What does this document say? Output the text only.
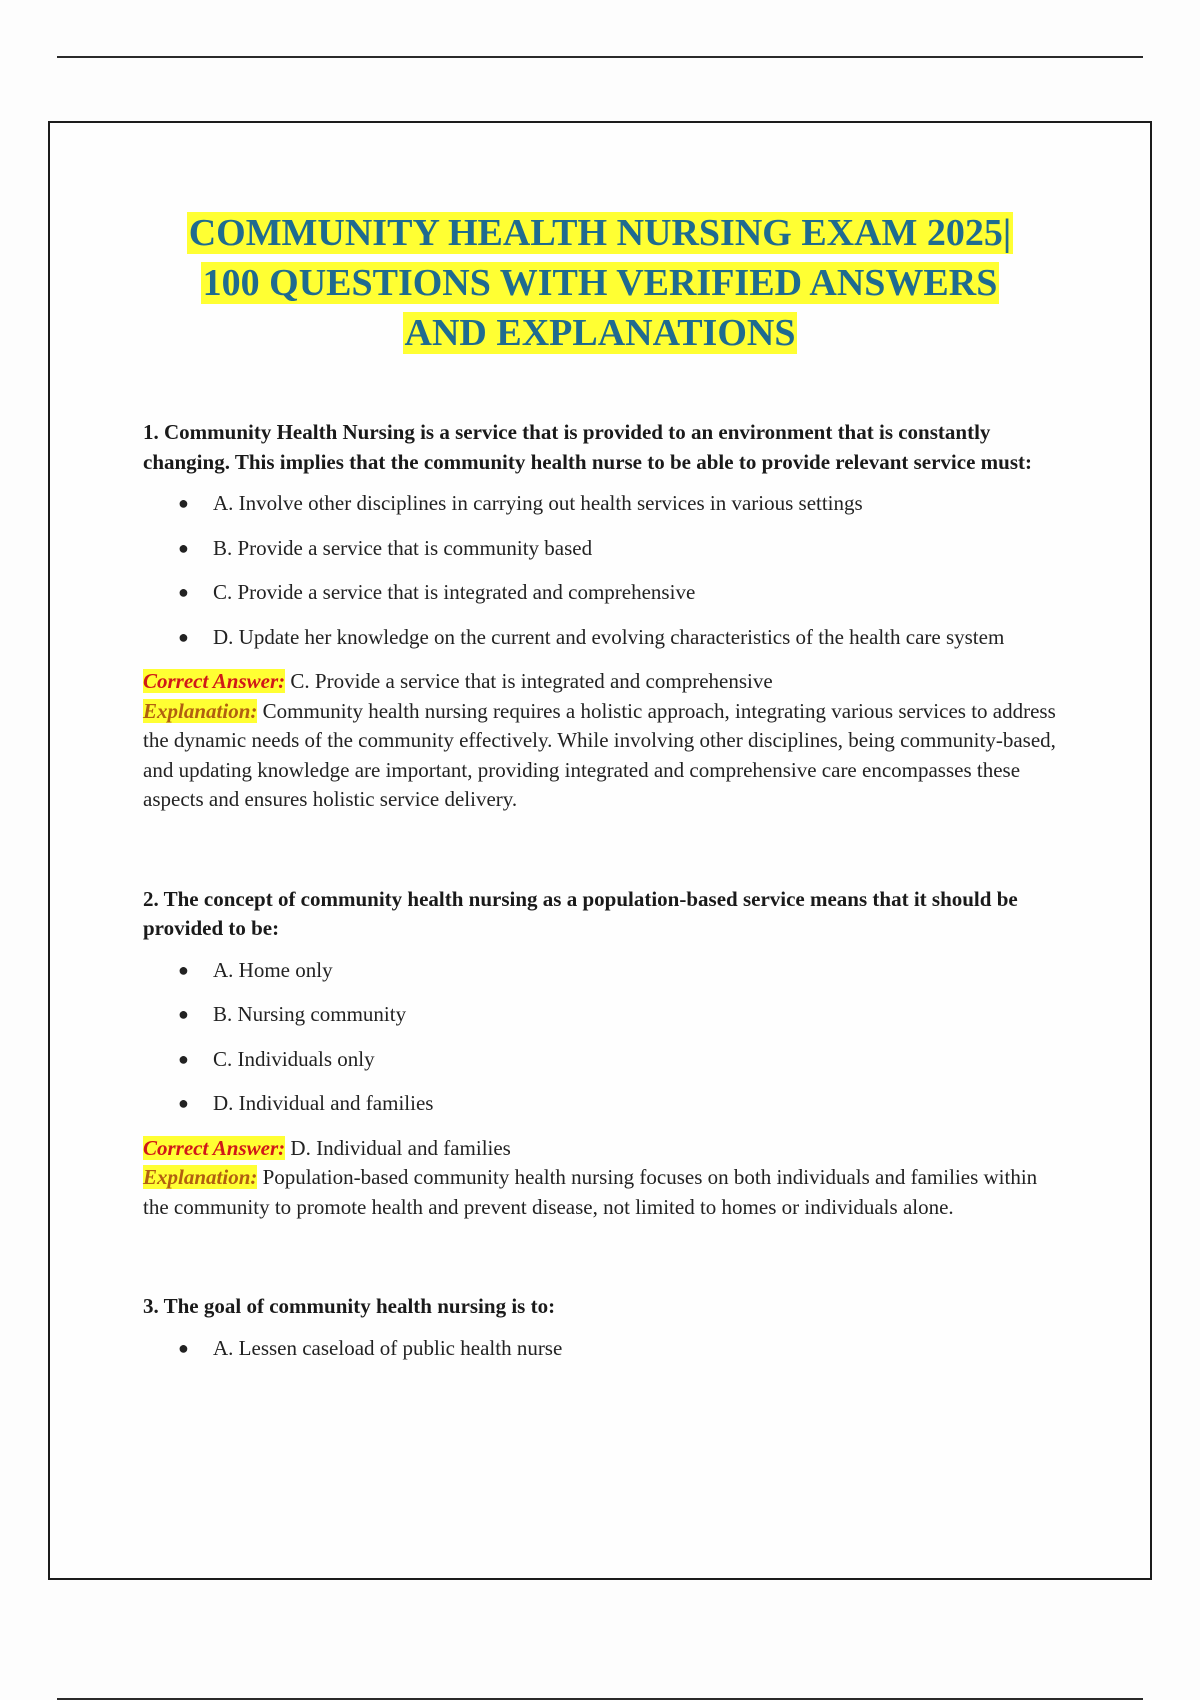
COMMUNITY HEALTH NURSING EXAM 2025|
100 QUESTIONS WITH VERIFIED ANSWERS
AND EXPLANATIONS

1. Community Health Nursing is a service that is provided to an environment that is constantly changing. This implies that the community health nurse to be able to provide relevant service must:

● A. Involve other disciplines in carrying out health services in various settings
● B. Provide a service that is community based
● C. Provide a service that is integrated and comprehensive
● D. Update her knowledge on the current and evolving characteristics of the health care system

Correct Answer: C. Provide a service that is integrated and comprehensive
Explanation: Community health nursing requires a holistic approach, integrating various services to address the dynamic needs of the community effectively. While involving other disciplines, being community-based, and updating knowledge are important, providing integrated and comprehensive care encompasses these aspects and ensures holistic service delivery.

2. The concept of community health nursing as a population-based service means that it should be provided to be:

● A. Home only
● B. Nursing community
● C. Individuals only
● D. Individual and families

Correct Answer: D. Individual and families
Explanation: Population-based community health nursing focuses on both individuals and families within the community to promote health and prevent disease, not limited to homes or individuals alone.

3. The goal of community health nursing is to:

● A. Lessen caseload of public health nurse
